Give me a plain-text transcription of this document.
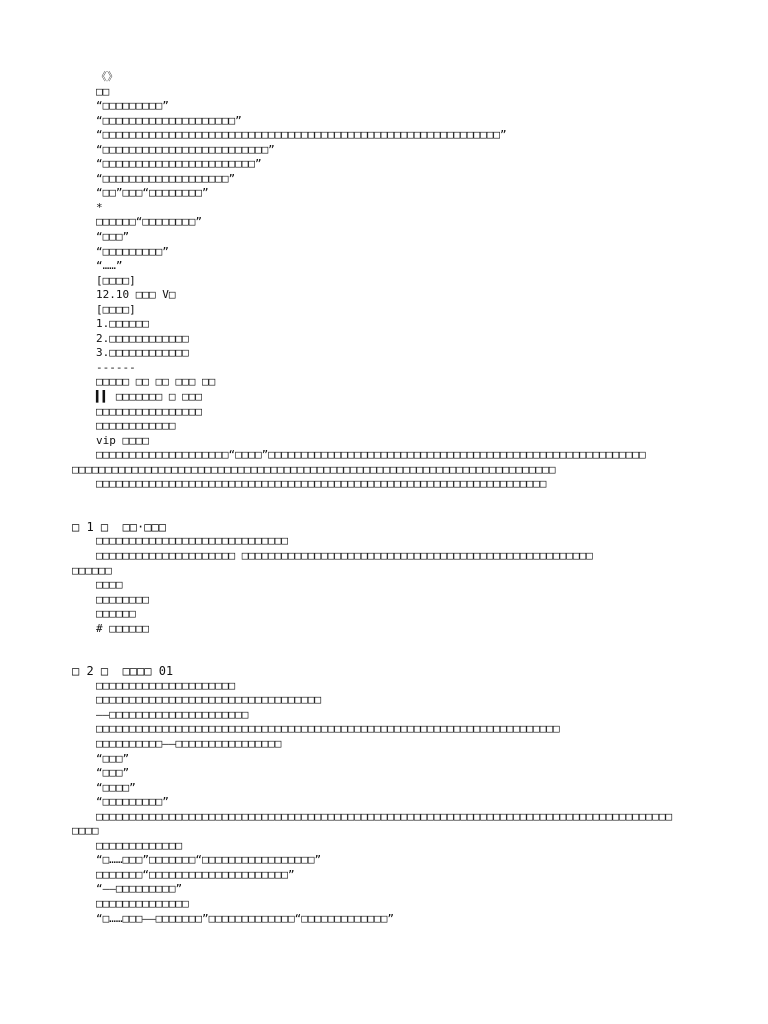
《》
□□
“□□□□□□□□□”
“□□□□□□□□□□□□□□□□□□□□”
“□□□□□□□□□□□□□□□□□□□□□□□□□□□□□□□□□□□□□□□□□□□□□□□□□□□□□□□□□□□□”
“□□□□□□□□□□□□□□□□□□□□□□□□□”
“□□□□□□□□□□□□□□□□□□□□□□□”
“□□□□□□□□□□□□□□□□□□□”
“□□”□□□“□□□□□□□□”
*
□□□□□□“□□□□□□□□”
“□□□”
“□□□□□□□□□”
“……”
[□□□□]
12.10 □□□ V□
[□□□□]
1.□□□□□□
2.□□□□□□□□□□□□
3.□□□□□□□□□□□□
------
□□□□□ □□ □□ □□□ □□
▍▍ □□□□□□□ □ □□□
□□□□□□□□□□□□□□□□
□□□□□□□□□□□□
vip □□□□
□□□□□□□□□□□□□□□□□□□□“□□□□”□□□□□□□□□□□□□□□□□□□□□□□□□□□□□□□□□□□□□□□□□□□□□□□□□□□□□□□□□
□□□□□□□□□□□□□□□□□□□□□□□□□□□□□□□□□□□□□□□□□□□□□□□□□□□□□□□□□□□□□□□□□□□□□□□□□
□□□□□□□□□□□□□□□□□□□□□□□□□□□□□□□□□□□□□□□□□□□□□□□□□□□□□□□□□□□□□□□□□□□□
□ 1 □  □□·□□□
□□□□□□□□□□□□□□□□□□□□□□□□□□□□□
□□□□□□□□□□□□□□□□□□□□□ □□□□□□□□□□□□□□□□□□□□□□□□□□□□□□□□□□□□□□□□□□□□□□□□□□□□□
□□□□□□
□□□□
□□□□□□□□
□□□□□□
# □□□□□□
□ 2 □  □□□□ 01
□□□□□□□□□□□□□□□□□□□□□
□□□□□□□□□□□□□□□□□□□□□□□□□□□□□□□□□□
——□□□□□□□□□□□□□□□□□□□□□
□□□□□□□□□□□□□□□□□□□□□□□□□□□□□□□□□□□□□□□□□□□□□□□□□□□□□□□□□□□□□□□□□□□□□□
□□□□□□□□□□——□□□□□□□□□□□□□□□□
“□□□”
“□□□”
“□□□□”
“□□□□□□□□□”
□□□□□□□□□□□□□□□□□□□□□□□□□□□□□□□□□□□□□□□□□□□□□□□□□□□□□□□□□□□□□□□□□□□□□□□□□□□□□□□□□□□□□□□
□□□□
□□□□□□□□□□□□□
“□……□□□”□□□□□□□“□□□□□□□□□□□□□□□□□”
□□□□□□□“□□□□□□□□□□□□□□□□□□□□□”
“——□□□□□□□□□”
□□□□□□□□□□□□□□
“□……□□□——□□□□□□□”□□□□□□□□□□□□□“□□□□□□□□□□□□□”
